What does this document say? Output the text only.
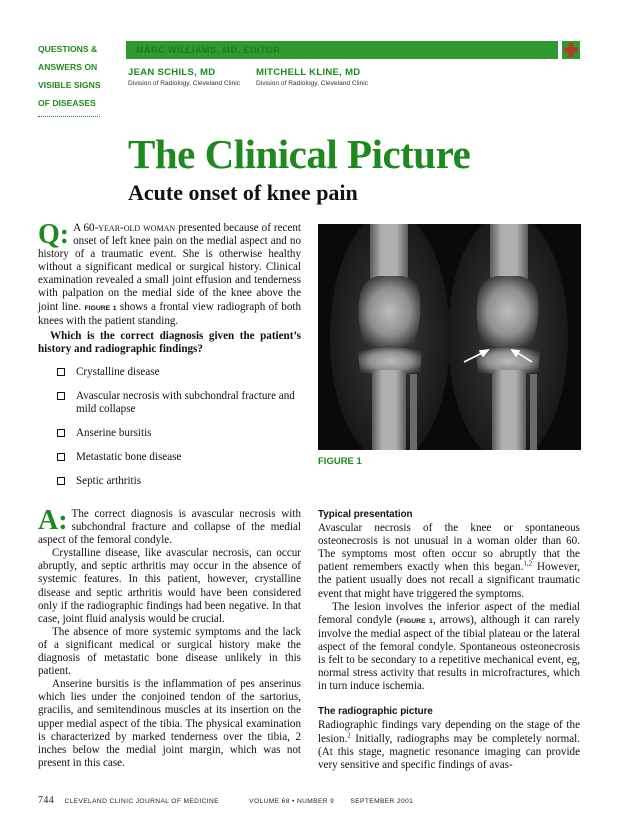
QUESTIONS &
ANSWERS ON
VISIBLE SIGNS
OF DISEASES
MARC WILLIAMS, MD, EDITOR
JEAN SCHILS, MD
Division of Radiology, Cleveland Clinic
MITCHELL KLINE, MD
Division of Radiology, Cleveland Clinic
The Clinical Picture
Acute onset of knee pain

Q: A 60-year-old woman presented because of recent onset of left knee pain on the medial aspect and no history of a traumatic event. She is otherwise healthy without a significant medical or surgical history. Clinical examination revealed a small joint effusion and tenderness with palpation on the medial side of the knee above the joint line. FIGURE 1 shows a frontal view radiograph of both knees with the patient standing.

Which is the correct diagnosis given the patient’s history and radiographic findings?

Crystalline disease
Avascular necrosis with subchondral fracture and mild collapse
Anserine bursitis
Metastatic bone disease
Septic arthritis
FIGURE 1

A: The correct diagnosis is avascular necrosis with subchondral fracture and collapse of the medial aspect of the femoral condyle.

Crystalline disease, like avascular necrosis, can occur abruptly, and septic arthritis may occur in the absence of systemic features. In this patient, however, crystalline disease and septic arthritis would have been considered only if the radiographic findings had been negative. In that case, joint fluid analysis would be crucial.

The absence of more systemic symptoms and the lack of a significant medical or surgical history make the diagnosis of metastatic bone disease unlikely in this patient.

Anserine bursitis is the inflammation of pes anserinus which lies under the conjoined tendon of the sartorius, gracilis, and semitendinous muscles at its insertion on the upper medial aspect of the tibia. The physical examination is characterized by marked tenderness over the tibia, 2 inches below the medial joint margin, which was not present in this case.

Typical presentation

Avascular necrosis of the knee or spontaneous osteonecrosis is not unusual in a woman older than 60. The symptoms most often occur so abruptly that the patient remembers exactly when this began.$^{1,2}$ However, the patient usually does not recall a significant traumatic event that might have triggered the symptoms.

The lesion involves the inferior aspect of the medial femoral condyle (FIGURE 1, arrows), although it can rarely involve the medial aspect of the tibial plateau or the lateral aspect of the femoral condyle. Spontaneous osteonecrosis is felt to be secondary to a repetitive mechanical event, eg, normal stress activity that results in microfractures, which in turn induce ischemia.

The radiographic picture

Radiographic findings vary depending on the stage of the lesion.$^2$ Initially, radiographs may be completely normal. (At this stage, magnetic resonance imaging can provide very sensitive and specific findings of avas-

744 CLEVELAND CLINIC JOURNAL OF MEDICINE	VOLUME 68 • NUMBER 9 SEPTEMBER 2001
